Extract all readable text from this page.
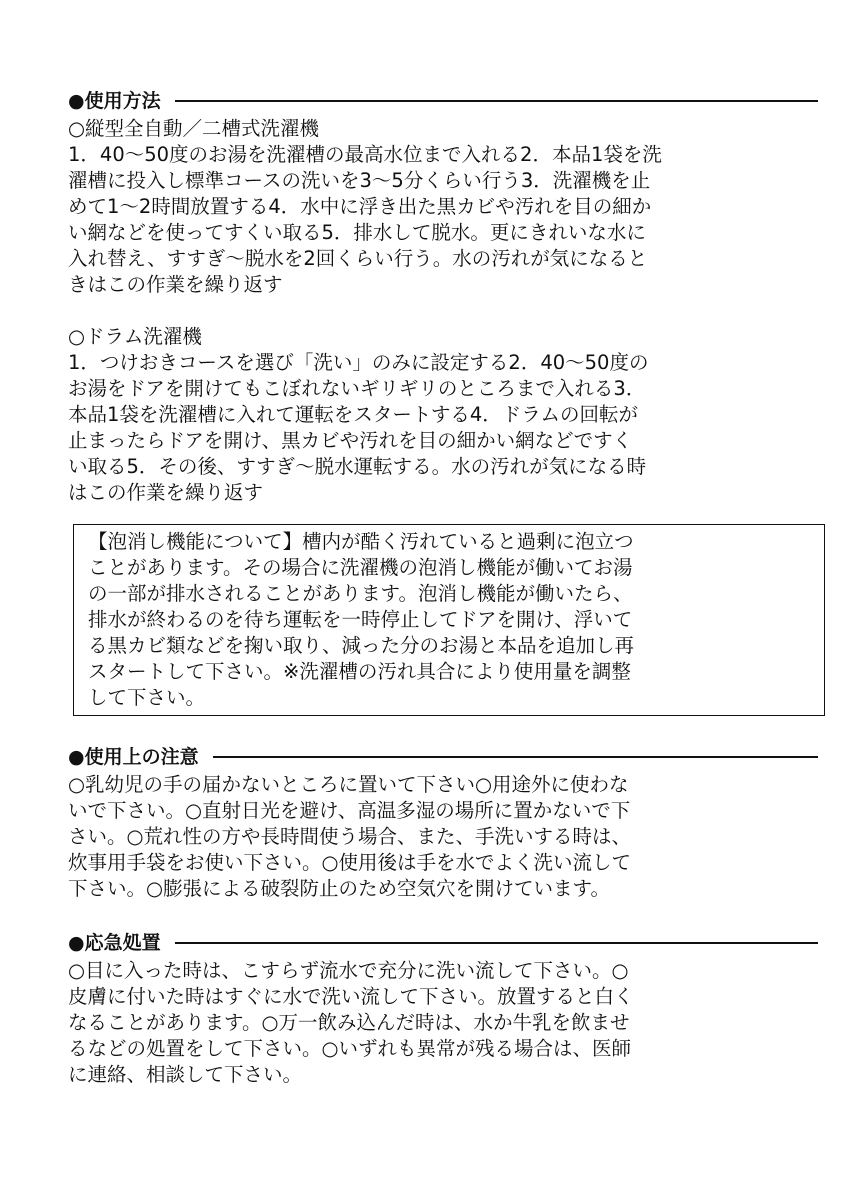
●使用方法
○縦型全自動／二槽式洗濯機

1．40～50度のお湯を洗濯槽の最高水位まで入れる2．本品1袋を洗
濯槽に投入し標準コースの洗いを3～5分くらい行う3．洗濯機を止
めて1～2時間放置する4．水中に浮き出た黒カビや汚れを目の細か
い網などを使ってすくい取る5．排水して脱水。更にきれいな水に
入れ替え、すすぎ～脱水を2回くらい行う。水の汚れが気になると
きはこの作業を繰り返す

○ドラム洗濯機

1．つけおきコースを選び「洗い」のみに設定する2．40～50度の
お湯をドアを開けてもこぼれないギリギリのところまで入れる3．
本品1袋を洗濯槽に入れて運転をスタートする4．ドラムの回転が
止まったらドアを開け、黒カビや汚れを目の細かい網などですく
い取る5．その後、すすぎ～脱水運転する。水の汚れが気になる時
はこの作業を繰り返す

【泡消し機能について】槽内が酷く汚れていると過剰に泡立つ
ことがあります。その場合に洗濯機の泡消し機能が働いてお湯
の一部が排水されることがあります。泡消し機能が働いたら、
排水が終わるのを待ち運転を一時停止してドアを開け、浮いて
る黒カビ類などを掬い取り、減った分のお湯と本品を追加し再
スタートして下さい。※洗濯槽の汚れ具合により使用量を調整
して下さい。
●使用上の注意

○乳幼児の手の届かないところに置いて下さい○用途外に使わな
いで下さい。○直射日光を避け、高温多湿の場所に置かないで下
さい。○荒れ性の方や長時間使う場合、また、手洗いする時は、
炊事用手袋をお使い下さい。○使用後は手を水でよく洗い流して
下さい。○膨張による破裂防止のため空気穴を開けています。

●応急処置

○目に入った時は、こすらず流水で充分に洗い流して下さい。○
皮膚に付いた時はすぐに水で洗い流して下さい。放置すると白く
なることがあります。○万一飲み込んだ時は、水か牛乳を飲ませ
るなどの処置をして下さい。○いずれも異常が残る場合は、医師
に連絡、相談して下さい。
